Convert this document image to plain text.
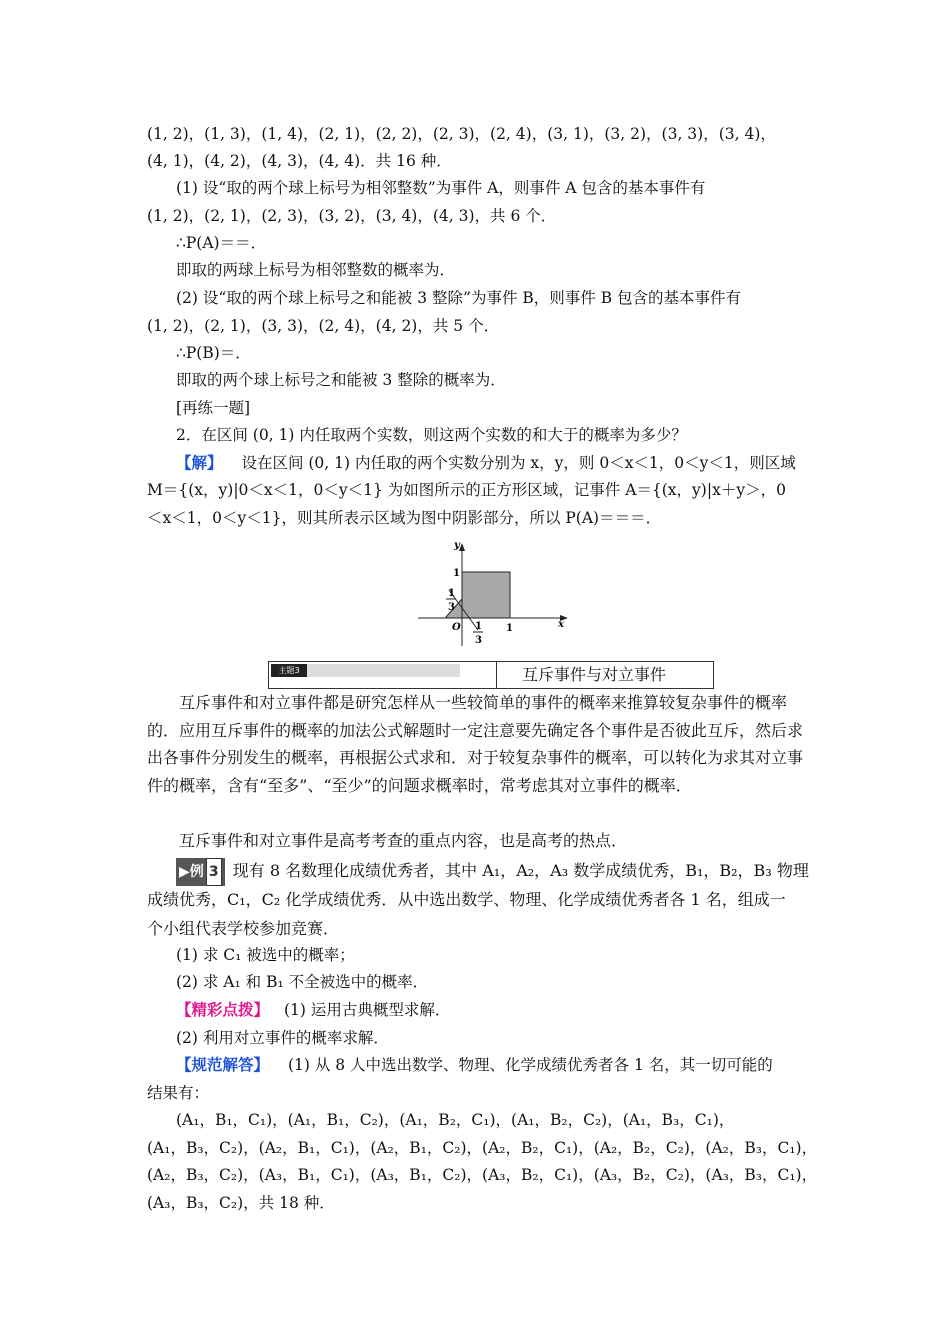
(1, 2)，(1, 3)，(1, 4)，(2, 1)，(2, 2)，(2, 3)，(2, 4)，(3, 1)，(3, 2)，(3, 3)，(3, 4)，
(4, 1)，(4, 2)，(4, 3)，(4, 4)．共 16 种．
(1) 设“取的两个球上标号为相邻整数”为事件 A，则事件 A 包含的基本事件有
(1, 2)，(2, 1)，(2, 3)，(3, 2)，(3, 4)，(4, 3)，共 6 个．
∴P(A)＝＝．
即取的两球上标号为相邻整数的概率为．
(2) 设“取的两个球上标号之和能被 3 整除”为事件 B，则事件 B 包含的基本事件有
(1, 2)，(2, 1)，(3, 3)，(2, 4)，(4, 2)，共 5 个．
∴P(B)＝．
即取的两个球上标号之和能被 3 整除的概率为．
[再练一题]
2．在区间 (0, 1) 内任取两个实数，则这两个实数的和大于的概率为多少？
【解】 设在区间 (0, 1) 内任取的两个实数分别为 x，y，则 0＜x＜1，0＜y＜1，则区域
M＝{(x，y)|0＜x＜1，0＜y＜1} 为如图所示的正方形区域，记事件 A＝{(x，y)|x＋y＞，0
＜x＜1，0＜y＜1}，则其所表示区域为图中阴影部分，所以 P(A)＝＝＝．
y
x
O
1
1
1
3
1
3
主题3	互斥事件与对立事件
互斥事件和对立事件都是研究怎样从一些较简单的事件的概率来推算较复杂事件的概率的．应用互斥事件的概率的加法公式解题时一定注意要先确定各个事件是否彼此互斥，然后求出各事件分别发生的概率，再根据公式求和．对于较复杂事件的概率，可以转化为求其对立事件的概率，含有“至多”、“至少”的问题求概率时，常考虑其对立事件的概率．
互斥事件和对立事件是高考考查的重点内容，也是高考的热点．
▶例 3 现有 8 名数理化成绩优秀者，其中 A₁，A₂，A₃ 数学成绩优秀，B₁，B₂，B₃ 物理
成绩优秀，C₁，C₂ 化学成绩优秀．从中选出数学、物理、化学成绩优秀者各 1 名，组成一
个小组代表学校参加竞赛．
(1) 求 C₁ 被选中的概率；
(2) 求 A₁ 和 B₁ 不全被选中的概率．
【精彩点拨】 (1) 运用古典概型求解．
(2) 利用对立事件的概率求解．
【规范解答】 (1) 从 8 人中选出数学、物理、化学成绩优秀者各 1 名，其一切可能的
结果有：
(A₁，B₁，C₁)，(A₁，B₁，C₂)，(A₁，B₂，C₁)，(A₁，B₂，C₂)，(A₁，B₃，C₁)，
(A₁，B₃，C₂)，(A₂，B₁，C₁)，(A₂，B₁，C₂)，(A₂，B₂，C₁)，(A₂，B₂，C₂)，(A₂，B₃，C₁)，
(A₂，B₃，C₂)，(A₃，B₁，C₁)，(A₃，B₁，C₂)，(A₃，B₂，C₁)，(A₃，B₂，C₂)，(A₃，B₃，C₁)，
(A₃，B₃，C₂)，共 18 种．
